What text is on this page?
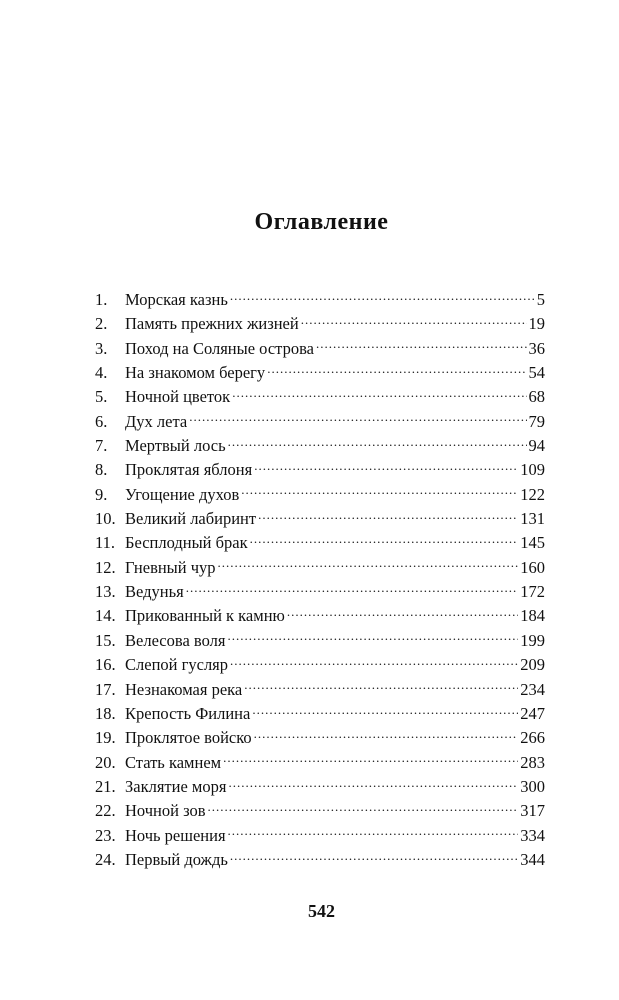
Оглавление
1.	Морская казнь .....	5
2.	Память прежних жизней .....	19
3.	Поход на Соляные острова .....	36
4.	На знакомом берегу .....	54
5.	Ночной цветок .....	68
6.	Дух лета .....	79
7.	Мертвый лось .....	94
8.	Проклятая яблоня .....	109
9.	Угощение духов .....	122
10. Великий лабиринт .....	131
11. Бесплодный брак .....	145
12. Гневный чур .....	160
13. Ведунья .....	172
14. Прикованный к камню .....	184
15. Велесова воля .....	199
16. Слепой гусляр .....	209
17. Незнакомая река .....	234
18. Крепость Филина .....	247
19. Проклятое войско .....	266
20. Стать камнем .....	283
21. Заклятие моря .....	300
22. Ночной зов .....	317
23. Ночь решения .....	334
24. Первый дождь .....	344
542
